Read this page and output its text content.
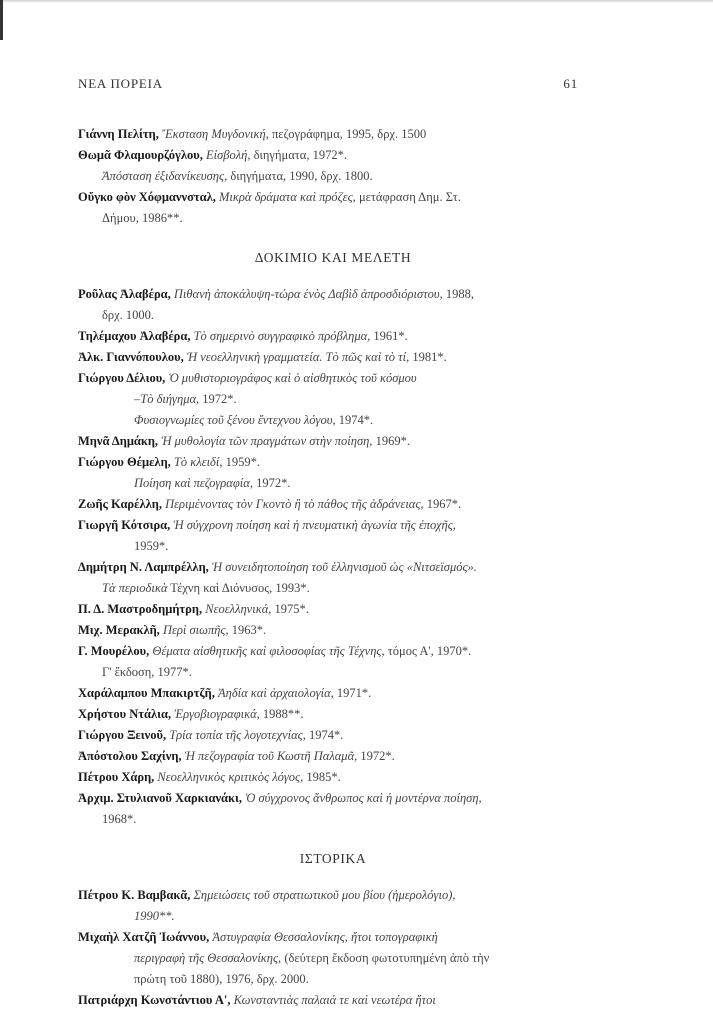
ΝΕΑ ΠΟΡΕΙΑ	61
Γιάννη Πελίτη, Ἔκσταση Μυγδονική, πεζογράφημα, 1995, δρχ. 1500
Θωμᾶ Φλαμουρζόγλου, Εἰσβολή, διηγήματα, 1972*.
Ἀπόσταση ἐξιδανίκευσης, διηγήματα, 1990, δρχ. 1800.
Οὔγκο φὸν Χόφμαννσταλ, Μικρὰ δράματα καὶ πρόζες, μετάφραση Δημ. Στ.
Δήμου, 1986**.
ΔΟΚΙΜΙΟ ΚΑΙ ΜΕΛΕΤΗ
Ροῦλας Ἀλαβέρα, Πιθανὴ ἀποκάλυψη-τώρα ἑνὸς Δαβὶδ ἀπροσδιόριστου, 1988,
δρχ. 1000.
Τηλέμαχου Ἀλαβέρα, Τὸ σημερινὸ συγγραφικὸ πρόβλημα, 1961*.
Ἀλκ. Γιαννόπουλου, Ἡ νεοελληνικὴ γραμματεία. Τὸ πῶς καὶ τὸ τί, 1981*.
Γιώργου Δέλιου, Ὁ μυθιστοριογράφος καὶ ὁ αἰσθητικὸς τοῦ κόσμου
–Τὸ διήγημα, 1972*.
Φυσιογνωμίες τοῦ ξένου ἔντεχνου λόγου, 1974*.
Μηνᾶ Δημάκη, Ἡ μυθολογία τῶν πραγμάτων στὴν ποίηση, 1969*.
Γιώργου Θέμελη, Τὸ κλειδί, 1959*.
Ποίηση καὶ πεζογραφία, 1972*.
Ζωῆς Καρέλλη, Περιμένοντας τὸν Γκοντὸ ἢ τὸ πάθος τῆς ἀδράνειας, 1967*.
Γιωργῆ Κότσιρα, Ἡ σύγχρονη ποίηση καὶ ἡ πνευματικὴ ἀγωνία τῆς ἐποχῆς,
1959*.
Δημήτρη Ν. Λαμπρέλλη, Ἡ συνειδητοποίηση τοῦ ἑλληνισμοῦ ὡς «Νιτσεϊσμός».
Τὰ περιοδικὰ Τέχνη καὶ Διόνυσος, 1993*.
Π. Δ. Μαστροδημήτρη, Νεοελληνικά, 1975*.
Μιχ. Μερακλῆ, Περὶ σιωπῆς, 1963*.
Γ. Μουρέλου, Θέματα αἰσθητικῆς καὶ φιλοσοφίας τῆς Τέχνης, τόμος Α', 1970*.
Γ' ἔκδοση, 1977*.
Χαράλαμπου Μπακιρτζῆ, Ἀηδία καὶ ἀρχαιολογία, 1971*.
Χρήστου Ντάλια, Ἐργοβιογραφικά, 1988**.
Γιώργου Ξεινοῦ, Τρία τοπία τῆς λογοτεχνίας, 1974*.
Ἀπόστολου Σαχίνη, Ἡ πεζογραφία τοῦ Κωστῆ Παλαμᾶ, 1972*.
Πέτρου Χάρη, Νεοελληνικὸς κριτικὸς λόγος, 1985*.
Ἀρχιμ. Στυλιανοῦ Χαρκιανάκι, Ὁ σύγχρονος ἄνθρωπος καὶ ἡ μοντέρνα ποίηση,
1968*.
ΙΣΤΟΡΙΚΑ
Πέτρου Κ. Βαμβακᾶ, Σημειώσεις τοῦ στρατιωτικοῦ μου βίου (ἡμερολόγιο),
1990**.
Μιχαὴλ Χατζῆ Ἰωάννου, Ἀστυγραφία Θεσσαλονίκης, ἤτοι τοπογραφικὴ
περιγραφὴ τῆς Θεσσαλονίκης, (δεύτερη ἔκδοση φωτοτυπημένη ἀπὸ τὴν
πρώτη τοῦ 1880), 1976, δρχ. 2000.
Πατριάρχη Κωνστάντιου Α', Κωνσταντιὰς παλαιά τε καὶ νεωτέρα ἤτοι
